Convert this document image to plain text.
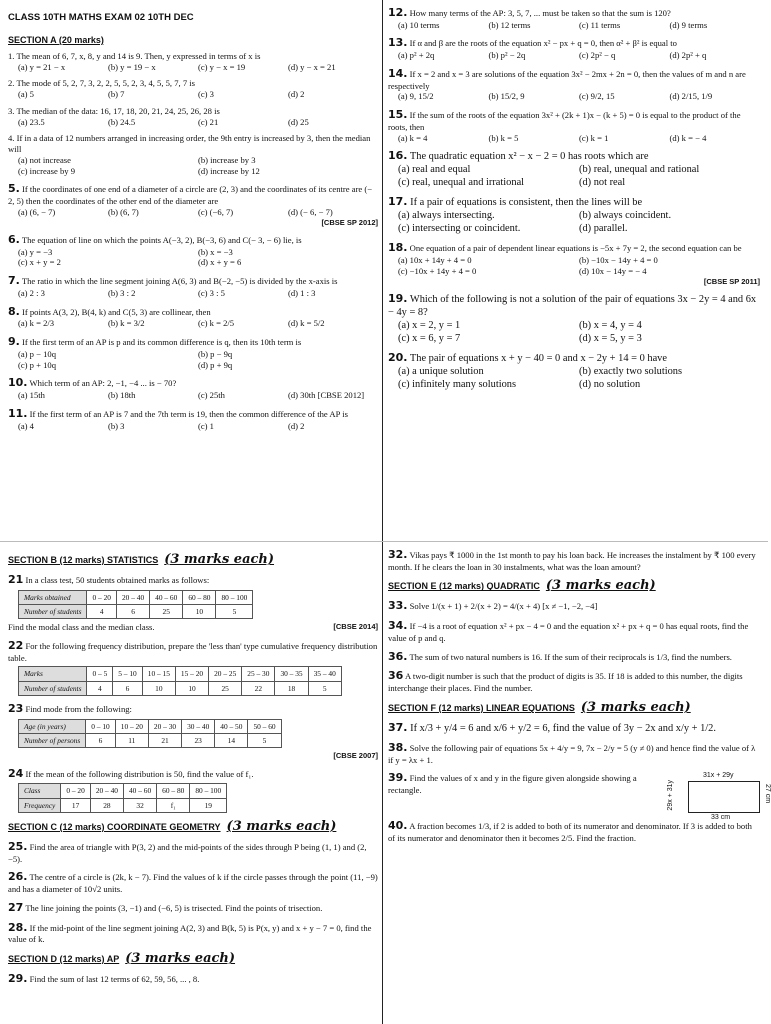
CLASS 10TH MATHS EXAM 02 10TH DEC
SECTION A (20 marks)
1. The mean of 6, 7, x, 8, y and 14 is 9. Then, y expressed in terms of x is
(a) y = 21 − x	(b) y = 19 − x	(c) y − x = 19	(d) y − x = 21
2. The mode of 5, 2, 7, 3, 2, 2, 5, 5, 2, 3, 4, 5, 5, 7, 7 is
(a) 5	(b) 7	(c) 3	(d) 2
3. The median of the data: 16, 17, 18, 20, 21, 24, 25, 26, 28 is
(a) 23.5	(b) 24.5	(c) 21	(d) 25
4. If in a data of 12 numbers arranged in increasing order, the 9th entry is increased by 3, then the median will
(a) not increase	(b) increase by 3
(c) increase by 9	(d) increase by 12
5. If the coordinates of one end of a diameter of a circle are (2, 3) and the coordinates of its centre are (− 2, 5) then the coordinates of the other end of the diameter are
(a) (6, − 7)	(b) (6, 7)	(c) (−6, 7)	(d) (− 6, − 7)
[CBSE SP 2012]
6. The equation of line on which the points A(−3, 2), B(−3, 6) and C(− 3, − 6) lie, is
(a) y = −3	(b) x = −3
(c) x + y = 2	(d) x + y = 6
7. The ratio in which the line segment joining A(6, 3) and B(−2, −5) is divided by the x-axis is
(a) 2 : 3	(b) 3 : 2	(c) 3 : 5	(d) 1 : 3
8. If points A(3, 2), B(4, k) and C(5, 3) are collinear, then
(a) k = 2/3	(b) k = 3/2	(c) k = 2/5	(d) k = 5/2
9. If the first term of an AP is p and its common difference is q, then its 10th term is
(a) p − 10q	(b) p − 9q
(c) p + 10q	(d) p + 9q
10. Which term of an AP: 2, −1, −4 ... is − 70?
(a) 15th	(b) 18th	(c) 25th	(d) 30th [CBSE 2012]
11. If the first term of an AP is 7 and the 7th term is 19, then the common difference of the AP is
(a) 4	(b) 3	(c) 1	(d) 2
12. How many terms of the AP: 3, 5, 7, ... must be taken so that the sum is 120?
(a) 10 terms	(b) 12 terms	(c) 11 terms	(d) 9 terms
13. If α and β are the roots of the equation x² − px + q = 0, then α² + β² is equal to
(a) p² + 2q	(b) p² − 2q	(c) 2p² − q	(d) 2p² + q
14. If x = 2 and x = 3 are solutions of the equation 3x² − 2mx + 2n = 0, then the values of m and n are respectively
(a) 9, 15/2	(b) 15/2, 9	(c) 9/2, 15	(d) 2/15, 1/9
15. If the sum of the roots of the equation 3x² + (2k + 1)x − (k + 5) = 0 is equal to the product of the roots, then
(a) k = 4	(b) k = 5	(c) k = 1	(d) k = − 4
16. The quadratic equation x² − x − 2 = 0 has roots which are
(a) real and equal	(b) real, unequal and rational
(c) real, unequal and irrational	(d) not real
17. If a pair of equations is consistent, then the lines will be
(a) always intersecting.	(b) always coincident.
(c) intersecting or coincident.	(d) parallel.
18. One equation of a pair of dependent linear equations is −5x + 7y = 2, the second equation can be
(a) 10x + 14y + 4 = 0	(b) −10x − 14y + 4 = 0
(c) −10x + 14y + 4 = 0	(d) 10x − 14y = − 4
[CBSE SP 2011]
19. Which of the following is not a solution of the pair of equations 3x − 2y = 4 and 6x − 4y = 8?
(a) x = 2, y = 1	(b) x = 4, y = 4
(c) x = 6, y = 7	(d) x = 5, y = 3
20. The pair of equations x + y − 40 = 0 and x − 2y + 14 = 0 have
(a) a unique solution	(b) exactly two solutions
(c) infinitely many solutions	(d) no solution
SECTION B (12 marks) STATISTICS (3 marks each)
21 In a class test, 50 students obtained marks as follows:
Marks obtained	0 – 20	20 – 40	40 – 60	60 – 80	80 – 100
Number of students	4	6	25	10	5
Find the modal class and the median class.	[CBSE 2014]
22 For the following frequency distribution, prepare the 'less than' type cumulative frequency distribution table.
Marks	0 – 5	5 – 10	10 – 15	15 – 20	20 – 25	25 – 30	30 – 35	35 – 40
Number of students	4	6	10	10	25	22	18	5
23 Find mode from the following:
Age (in years)	0 – 10	10 – 20	20 – 30	30 – 40	40 – 50	50 – 60
Number of persons	6	11	21	23	14	5
[CBSE 2007]
24 If the mean of the following distribution is 50, find the value of f₁.
Class	0 – 20	20 – 40	40 – 60	60 – 80	80 – 100
Frequency	17	28	32	f₁	19
SECTION C (12 marks) COORDINATE GEOMETRY (3 marks each)
25. Find the area of triangle with P(3, 2) and the mid-points of the sides through P being (1, 1) and (2, −5).
26. The centre of a circle is (2k, k − 7). Find the values of k if the circle passes through the point (11, −9) and has a diameter of 10√2 units.
27 The line joining the points (3, −1) and (−6, 5) is trisected. Find the points of trisection.
28. If the mid-point of the line segment joining A(2, 3) and B(k, 5) is P(x, y) and x + y − 7 = 0, find the value of k.
SECTION D (12 marks) AP (3 marks each)
29. Find the sum of last 12 terms of 62, 59, 56, ... , 8.
32. Vikas pays ₹ 1000 in the 1st month to pay his loan back. He increases the instalment by ₹ 100 every month. If he clears the loan in 30 instalments, what was the loan amount?
SECTION E (12 marks) QUADRATIC (3 marks each)
33. Solve 1/(x + 1) + 2/(x + 2) = 4/(x + 4) [x ≠ −1, −2, −4]
34. If −4 is a root of equation x² + px − 4 = 0 and the equation x² + px + q = 0 has equal roots, find the value of p and q.
36. The sum of two natural numbers is 16. If the sum of their reciprocals is 1/3, find the numbers.
36 A two-digit number is such that the product of digits is 35. If 18 is added to this number, the digits interchange their places. Find the number.
SECTION F (12 marks) LINEAR EQUATIONS (3 marks each)
37. If x/3 + y/4 = 6 and x/6 + y/2 = 6, find the value of 3y − 2x and x/y + 1/2.
38. Solve the following pair of equations 5x + 4/y = 9, 7x − 2/y = 5 (y ≠ 0) and hence find the value of λ if y = λx + 1.
39. Find the values of x and y in the figure given alongside showing a rectangle.
31x + 29y
29x + 31y	27 cm
33 cm
40. A fraction becomes 1/3, if 2 is added to both of its numerator and denominator. If 3 is added to both of its numerator and denominator then it becomes 2/5. Find the fraction.
